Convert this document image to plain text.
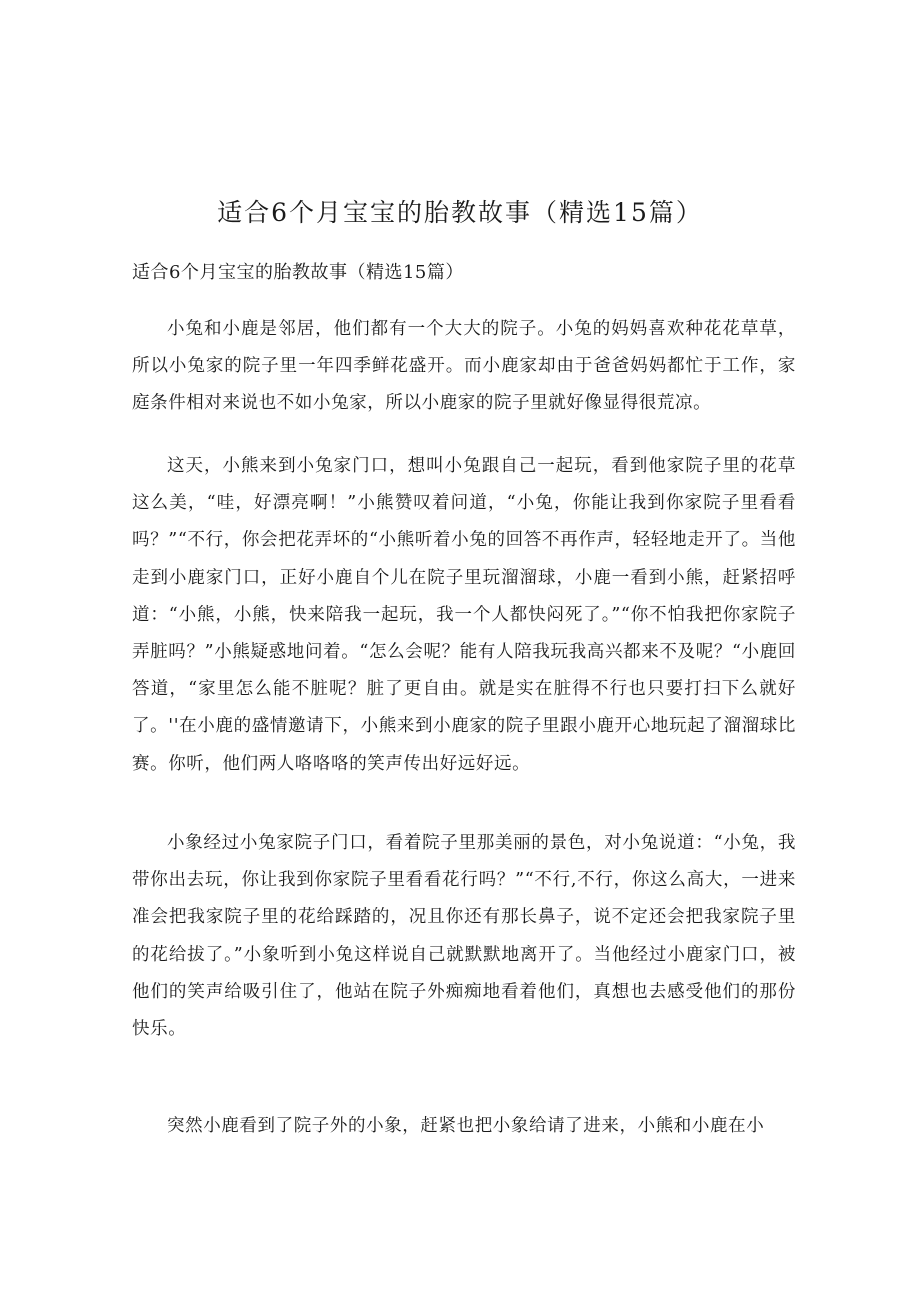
适合6个月宝宝的胎教故事（精选15篇）

适合6个月宝宝的胎教故事（精选15篇）

小兔和小鹿是邻居，他们都有一个大大的院子。小兔的妈妈喜欢种花花草草，所以小兔家的院子里一年四季鲜花盛开。而小鹿家却由于爸爸妈妈都忙于工作，家庭条件相对来说也不如小兔家，所以小鹿家的院子里就好像显得很荒凉。

这天，小熊来到小兔家门口，想叫小兔跟自己一起玩，看到他家院子里的花草这么美，“哇，好漂亮啊！”小熊赞叹着问道，“小兔，你能让我到你家院子里看看吗？”“不行，你会把花弄坏的“小熊听着小兔的回答不再作声，轻轻地走开了。当他走到小鹿家门口，正好小鹿自个儿在院子里玩溜溜球，小鹿一看到小熊，赶紧招呼道：“小熊，小熊，快来陪我一起玩，我一个人都快闷死了。”“你不怕我把你家院子弄脏吗？”小熊疑惑地问着。“怎么会呢？能有人陪我玩我高兴都来不及呢？“小鹿回答道，“家里怎么能不脏呢？脏了更自由。就是实在脏得不行也只要打扫下么就好了。''在小鹿的盛情邀请下，小熊来到小鹿家的院子里跟小鹿开心地玩起了溜溜球比赛。你听，他们两人咯咯咯的笑声传出好远好远。

小象经过小兔家院子门口，看着院子里那美丽的景色，对小兔说道：“小兔，我带你出去玩，你让我到你家院子里看看花行吗？”“不行,不行，你这么高大，一进来准会把我家院子里的花给踩踏的，况且你还有那长鼻子，说不定还会把我家院子里的花给拔了。”小象听到小兔这样说自己就默默地离开了。当他经过小鹿家门口，被他们的笑声给吸引住了，他站在院子外痴痴地看着他们，真想也去感受他们的那份快乐。

突然小鹿看到了院子外的小象，赶紧也把小象给请了进来，小熊和小鹿在小
